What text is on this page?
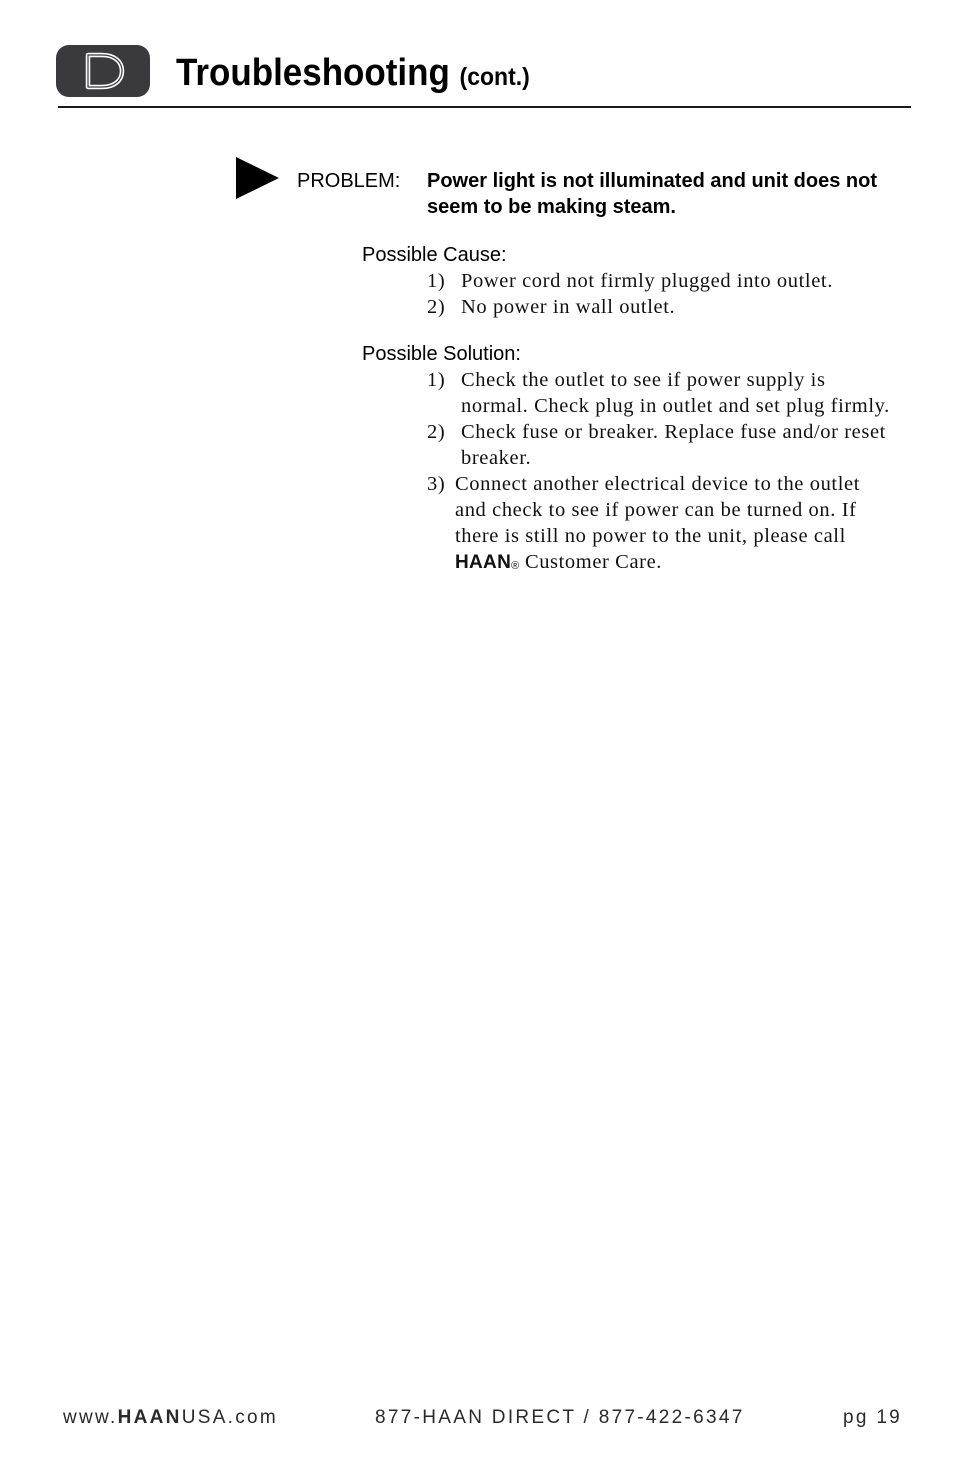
Troubleshooting (cont.)
PROBLEM: Power light is not illuminated and unit does not seem to be making steam.
Possible Cause:
1) Power cord not firmly plugged into outlet.
2) No power in wall outlet.
Possible Solution:
1) Check the outlet to see if power supply is normal. Check plug in outlet and set plug firmly.
2) Check fuse or breaker. Replace fuse and/or reset breaker.
3) Connect another electrical device to the outlet and check to see if power can be turned on. If there is still no power to the unit, please call HAAN® Customer Care.
www.HAANUSA.com	877-HAAN DIRECT / 877-422-6347	pg 19
